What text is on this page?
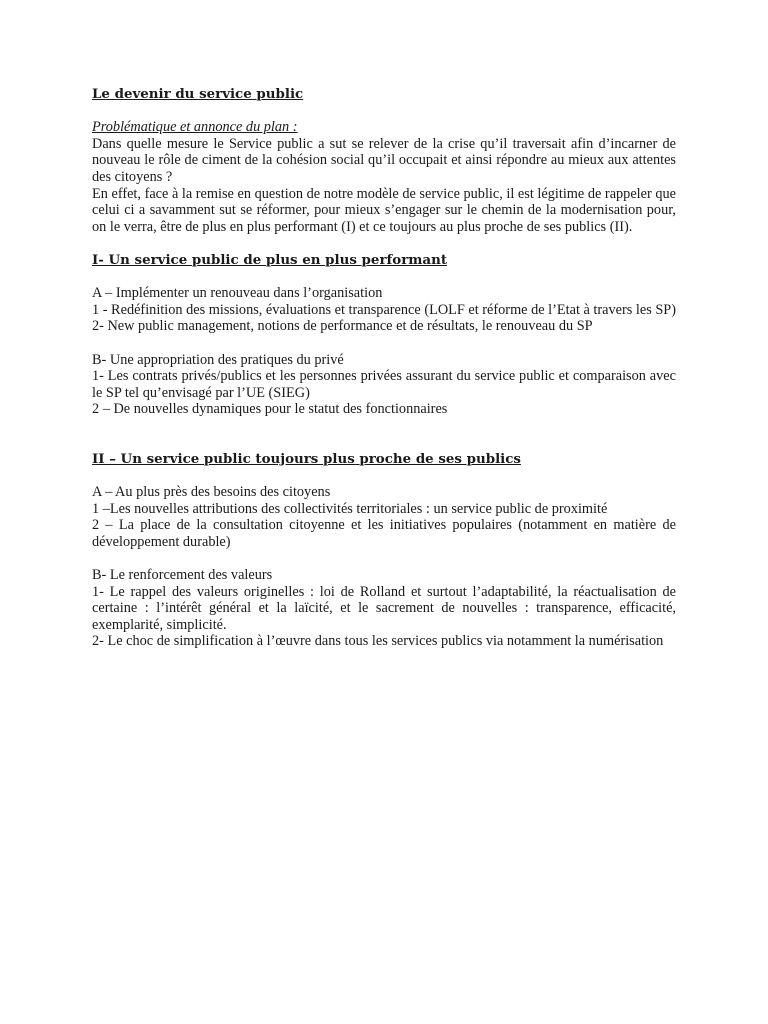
Le devenir du service public

Problématique et annonce du plan :

Dans quelle mesure le Service public a sut se relever de la crise qu’il traversait afin d’incarner de nouveau le rôle de ciment de la cohésion social qu’il occupait et ainsi répondre au mieux aux attentes des citoyens ?

En effet, face à la remise en question de notre modèle de service public, il est légitime de rappeler que celui ci a savamment sut se réformer, pour mieux s’engager sur le chemin de la modernisation pour, on le verra, être de plus en plus performant (I) et ce toujours au plus proche de ses publics (II).

I- Un service public de plus en plus performant

A – Implémenter un renouveau dans l’organisation

1 - Redéfinition des missions, évaluations et transparence (LOLF et réforme de l’Etat à travers les SP)

2- New public management, notions de performance et de résultats, le renouveau du SP

B- Une appropriation des pratiques du privé

1- Les contrats privés/publics et les personnes privées assurant du service public et comparaison avec le SP tel qu’envisagé par l’UE (SIEG)

2 – De nouvelles dynamiques pour le statut des fonctionnaires

II – Un service public toujours plus proche de ses publics

A – Au plus près des besoins des citoyens

1 –Les nouvelles attributions des collectivités territoriales : un service public de proximité

2 – La place de la consultation citoyenne et les initiatives populaires (notamment en matière de développement durable)

B- Le renforcement des valeurs

1- Le rappel des valeurs originelles : loi de Rolland et surtout l’adaptabilité, la réactualisation de certaine : l’intérêt général et la laïcité, et le sacrement de nouvelles : transparence, efficacité, exemplarité, simplicité.

2- Le choc de simplification à l’œuvre dans tous les services publics via notamment la numérisation
